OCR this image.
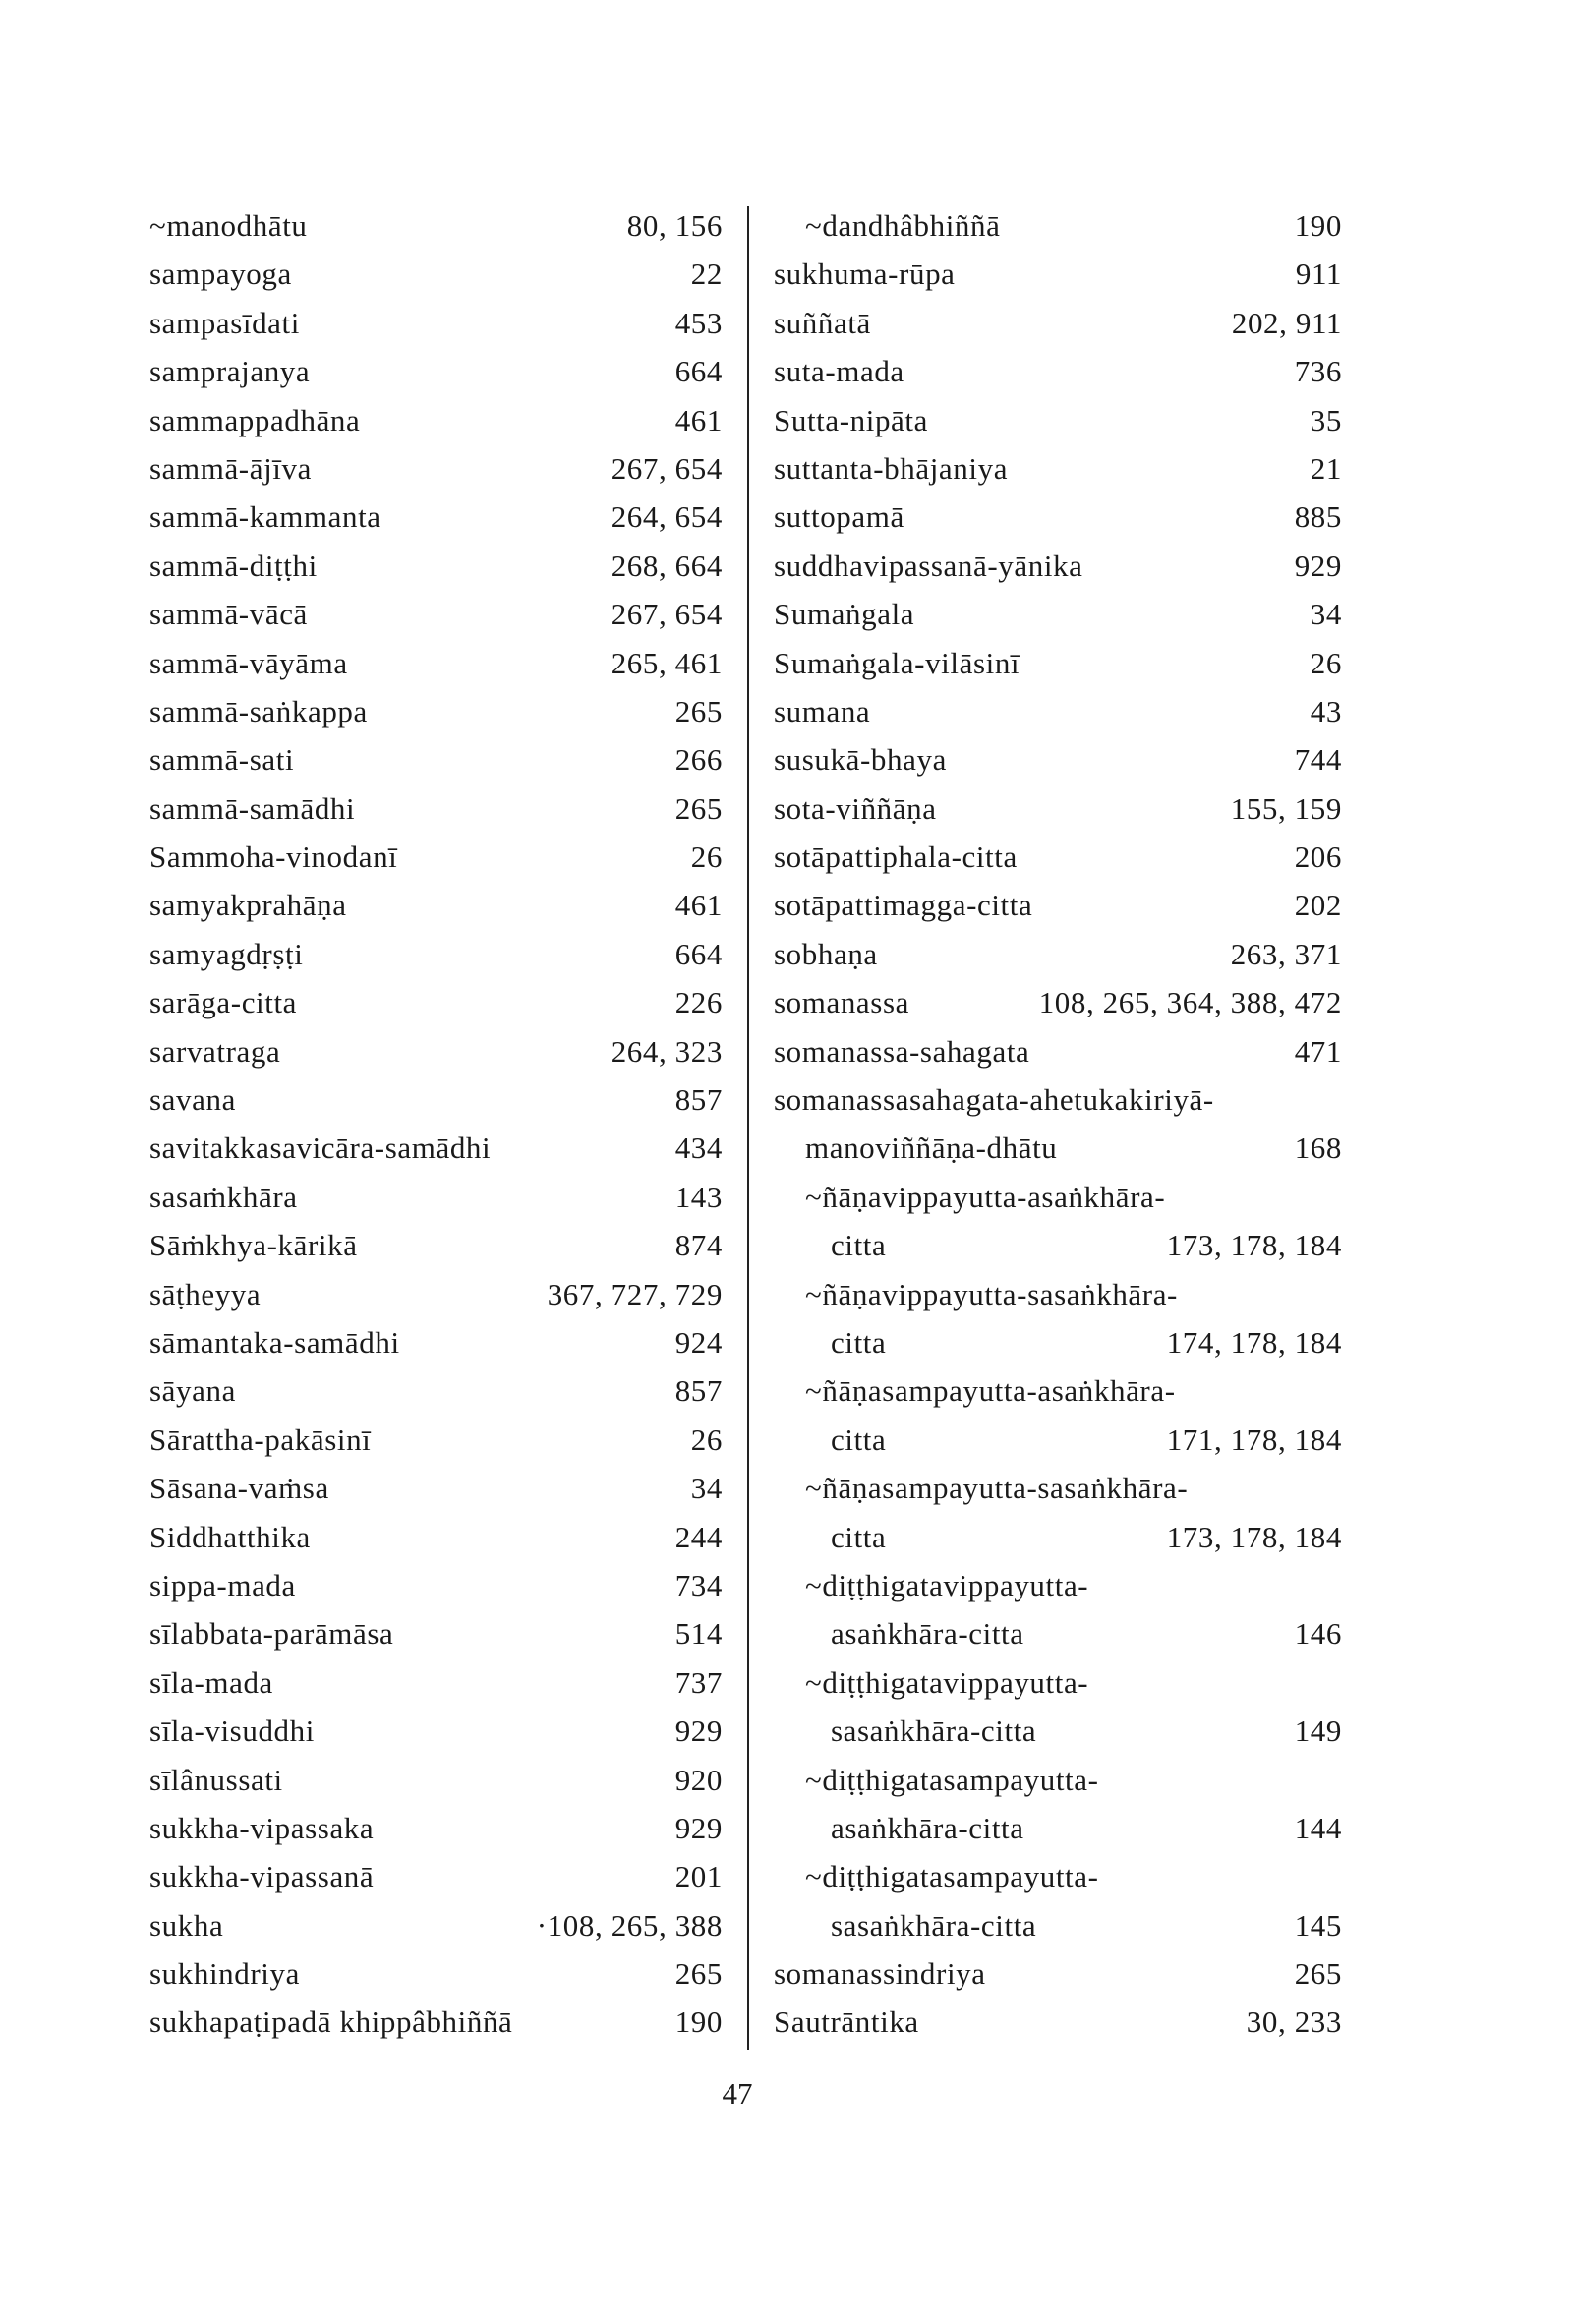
~manodhātu	80, 156
sampayoga	22
sampasīdati	453
samprajanya	664
sammappadhāna	461
sammā-ājīva	267, 654
sammā-kammanta	264, 654
sammā-diṭṭhi	268, 664
sammā-vācā	267, 654
sammā-vāyāma	265, 461
sammā-saṅkappa	265
sammā-sati	266
sammā-samādhi	265
Sammoha-vinodanī	26
samyakprahāṇa	461
samyagdṛṣṭi	664
sarāga-citta	226
sarvatraga	264, 323
savana	857
savitakkasavicāra-samādhi	434
sasaṁkhāra	143
Sāṁkhya-kārikā	874
sāṭheyya	367, 727, 729
sāmantaka-samādhi	924
sāyana	857
Sārattha-pakāsinī	26
Sāsana-vaṁsa	34
Siddhatthika	244
sippa-mada	734
sīlabbata-parāmāsa	514
sīla-mada	737
sīla-visuddhi	929
sīlânussati	920
sukkha-vipassaka	929
sukkha-vipassanā	201
sukha	·108, 265, 388
sukhindriya	265
sukhapaṭipadā khippâbhiññā	190
~dandhâbhiññā	190
sukhuma-rūpa	911
suññatā	202, 911
suta-mada	736
Sutta-nipāta	35
suttanta-bhājaniya	21
suttopamā	885
suddhavipassanā-yānika	929
Sumaṅgala	34
Sumaṅgala-vilāsinī	26
sumana	43
susukā-bhaya	744
sota-viññāṇa	155, 159
sotāpattiphala-citta	206
sotāpattimagga-citta	202
sobhaṇa	263, 371
somanassa	108, 265, 364, 388, 472
somanassa-sahagata	471
somanassasahagata-ahetukakiriyā-
manoviññāṇa-dhātu	168
~ñāṇavippayutta-asaṅkhāra-
citta	173, 178, 184
~ñāṇavippayutta-sasaṅkhāra-
citta	174, 178, 184
~ñāṇasampayutta-asaṅkhāra-
citta	171, 178, 184
~ñāṇasampayutta-sasaṅkhāra-
citta	173, 178, 184
~diṭṭhigatavippayutta-
asaṅkhāra-citta	146
~diṭṭhigatavippayutta-
sasaṅkhāra-citta	149
~diṭṭhigatasampayutta-
asaṅkhāra-citta	144
~diṭṭhigatasampayutta-
sasaṅkhāra-citta	145
somanassindriya	265
Sautrāntika	30, 233
47
